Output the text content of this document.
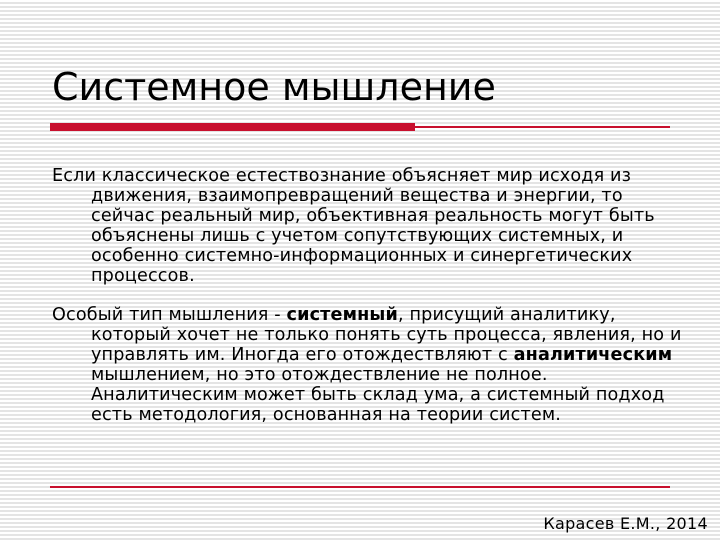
Системное мышление

Если классическое естествознание объясняет мир исходя из движения, взаимопревращений вещества и энергии, то сейчас реальный мир, объективная реальность могут быть объяснены лишь с учетом сопутствующих системных, и особенно системно-информационных и синергетических процессов.

Особый тип мышления - системный, присущий аналитику, который хочет не только понять суть процесса, явления, но и управлять им. Иногда его отождествляют с аналитическим мышлением, но это отождествление не полное. Аналитическим может быть склад ума, а системный подход есть методология, основанная на теории систем.

Карасев Е.М., 2014
